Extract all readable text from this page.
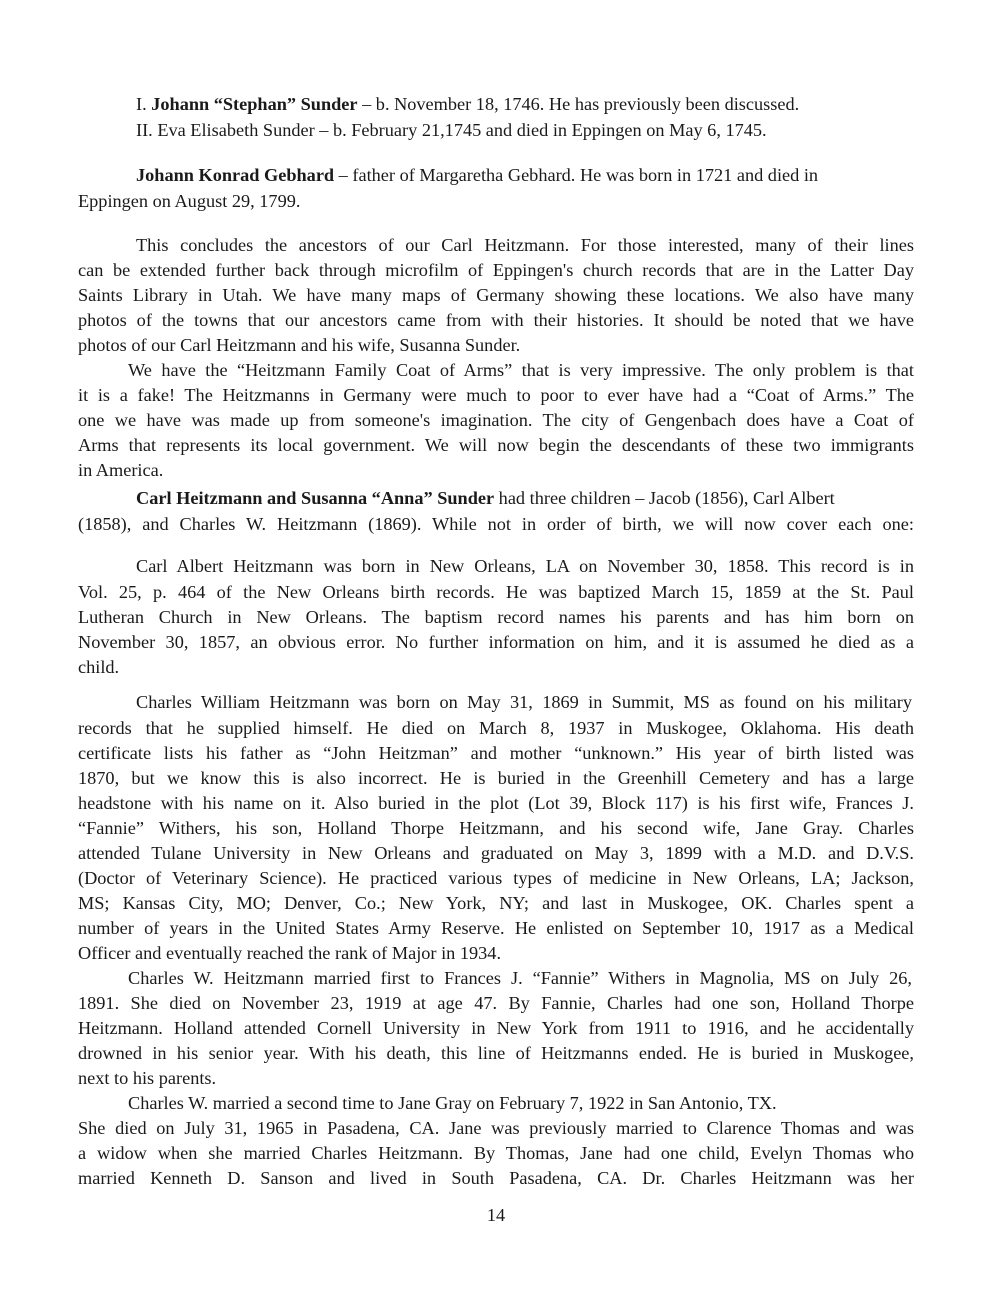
I. Johann “Stephan” Sunder – b. November 18, 1746. He has previously been discussed.
II. Eva Elisabeth Sunder – b. February 21,1745 and died in Eppingen on May 6, 1745.
Johann Konrad Gebhard – father of Margaretha Gebhard. He was born in 1721 and died in
Eppingen on August 29, 1799.
This concludes the ancestors of our Carl Heitzmann. For those interested, many of their lines
can be extended further back through microfilm of Eppingen's church records that are in the Latter Day
Saints Library in Utah. We have many maps of Germany showing these locations. We also have many
photos of the towns that our ancestors came from with their histories. It should be noted that we have
photos of our Carl Heitzmann and his wife, Susanna Sunder.
We have the “Heitzmann Family Coat of Arms” that is very impressive. The only problem is that
it is a fake! The Heitzmanns in Germany were much to poor to ever have had a “Coat of Arms.” The
one we have was made up from someone's imagination. The city of Gengenbach does have a Coat of
Arms that represents its local government. We will now begin the descendants of these two immigrants
in America.
Carl Heitzmann and Susanna “Anna” Sunder had three children – Jacob (1856), Carl Albert
(1858), and Charles W. Heitzmann (1869). While not in order of birth, we will now cover each one:
Carl Albert Heitzmann was born in New Orleans, LA on November 30, 1858. This record is in
Vol. 25, p. 464 of the New Orleans birth records. He was baptized March 15, 1859 at the St. Paul
Lutheran Church in New Orleans. The baptism record names his parents and has him born on
November 30, 1857, an obvious error. No further information on him, and it is assumed he died as a
child.
Charles William Heitzmann was born on May 31, 1869 in Summit, MS as found on his military
records that he supplied himself. He died on March 8, 1937 in Muskogee, Oklahoma. His death
certificate lists his father as “John Heitzman” and mother “unknown.” His year of birth listed was
1870, but we know this is also incorrect. He is buried in the Greenhill Cemetery and has a large
headstone with his name on it. Also buried in the plot (Lot 39, Block 117) is his first wife, Frances J.
“Fannie” Withers, his son, Holland Thorpe Heitzmann, and his second wife, Jane Gray. Charles
attended Tulane University in New Orleans and graduated on May 3, 1899 with a M.D. and D.V.S.
(Doctor of Veterinary Science). He practiced various types of medicine in New Orleans, LA; Jackson,
MS; Kansas City, MO; Denver, Co.; New York, NY; and last in Muskogee, OK. Charles spent a
number of years in the United States Army Reserve. He enlisted on September 10, 1917 as a Medical
Officer and eventually reached the rank of Major in 1934.
Charles W. Heitzmann married first to Frances J. “Fannie” Withers in Magnolia, MS on July 26,
1891. She died on November 23, 1919 at age 47. By Fannie, Charles had one son, Holland Thorpe
Heitzmann. Holland attended Cornell University in New York from 1911 to 1916, and he accidentally
drowned in his senior year. With his death, this line of Heitzmanns ended. He is buried in Muskogee,
next to his parents.
Charles W. married a second time to Jane Gray on February 7, 1922 in San Antonio, TX.
She died on July 31, 1965 in Pasadena, CA. Jane was previously married to Clarence Thomas and was
a widow when she married Charles Heitzmann. By Thomas, Jane had one child, Evelyn Thomas who
married Kenneth D. Sanson and lived in South Pasadena, CA. Dr. Charles Heitzmann was her
14
